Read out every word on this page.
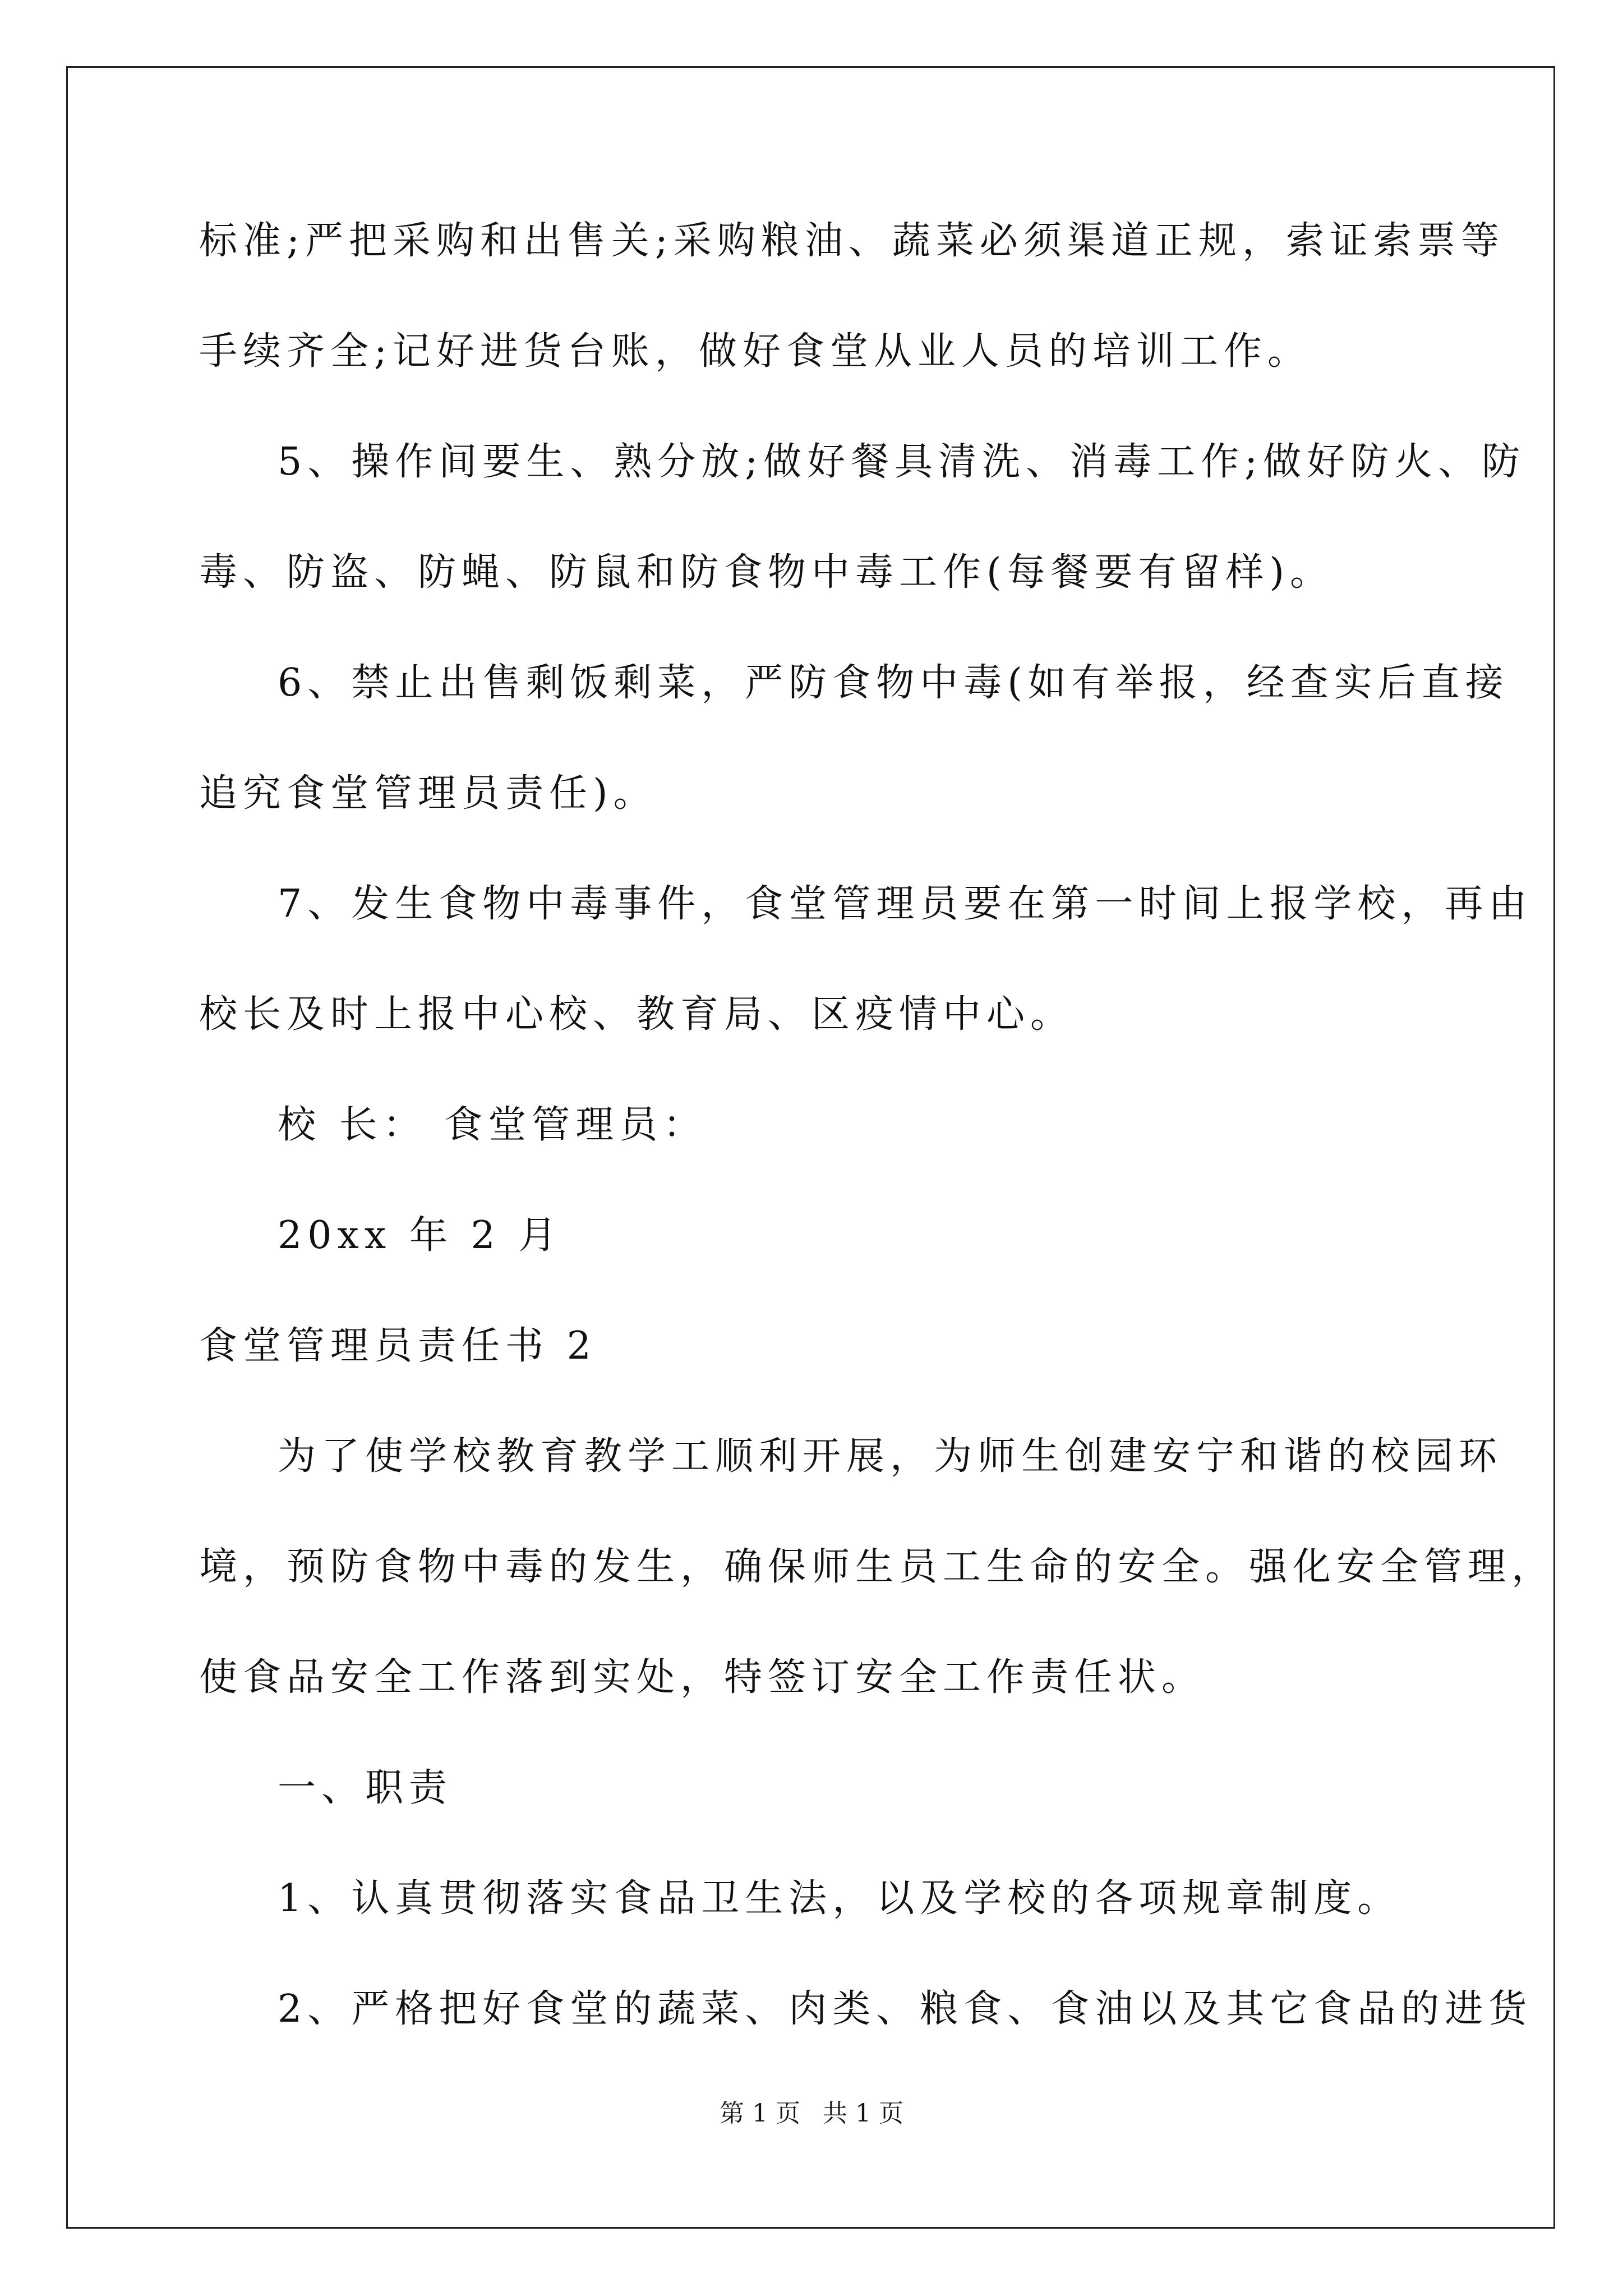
标准;严把采购和出售关;采购粮油、蔬菜必须渠道正规，索证索票等
手续齐全;记好进货台账，做好食堂从业人员的培训工作。
5、操作间要生、熟分放;做好餐具清洗、消毒工作;做好防火、防
毒、防盗、防蝇、防鼠和防食物中毒工作(每餐要有留样)。
6、禁止出售剩饭剩菜，严防食物中毒(如有举报，经查实后直接
追究食堂管理员责任)。
7、发生食物中毒事件，食堂管理员要在第一时间上报学校，再由
校长及时上报中心校、教育局、区疫情中心。
校 长： 食堂管理员：
20xx 年 2 月
食堂管理员责任书 2
为了使学校教育教学工顺利开展，为师生创建安宁和谐的校园环
境，预防食物中毒的发生，确保师生员工生命的安全。强化安全管理，
使食品安全工作落到实处，特签订安全工作责任状。
一、职责
1、认真贯彻落实食品卫生法，以及学校的各项规章制度。
2、严格把好食堂的蔬菜、肉类、粮食、食油以及其它食品的进货
第 1 页 共 1 页
